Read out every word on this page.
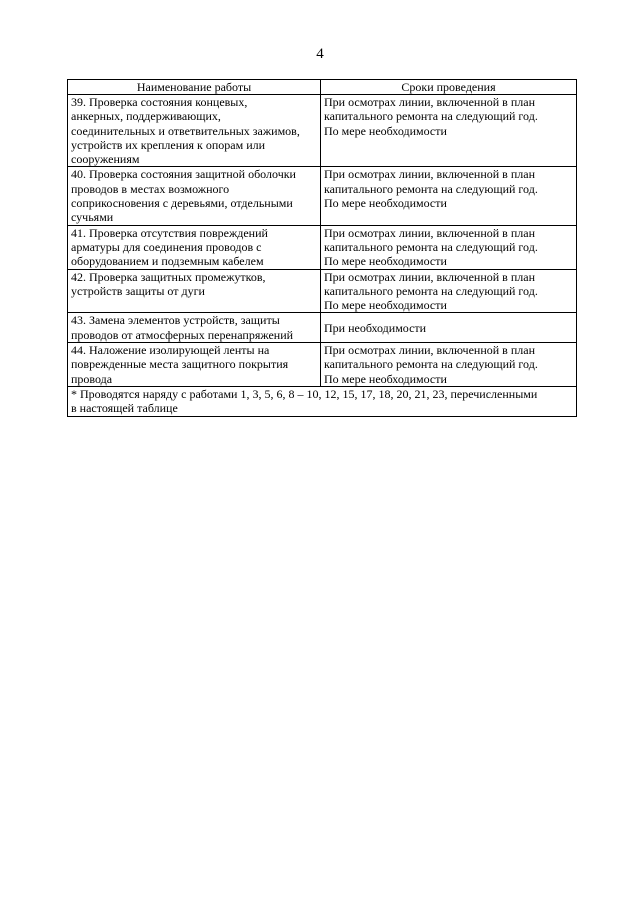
4
Наименование работы	Сроки проведения

39. Проверка состояния концевых,
анкерных, поддерживающих,
соединительных и ответвительных зажимов,
устройств их крепления к опорам или
сооружениям	При осмотрах линии, включенной в план
капитального ремонта на следующий год.
По мере необходимости

40. Проверка состояния защитной оболочки
проводов в местах возможного
соприкосновения с деревьями, отдельными
сучьями	При осмотрах линии, включенной в план
капитального ремонта на следующий год.
По мере необходимости

41. Проверка отсутствия повреждений
арматуры для соединения проводов с
оборудованием и подземным кабелем	При осмотрах линии, включенной в план
капитального ремонта на следующий год.
По мере необходимости

42. Проверка защитных промежутков,
устройств защиты от дуги	При осмотрах линии, включенной в план
капитального ремонта на следующий год.
По мере необходимости

43. Замена элементов устройств, защиты
проводов от атмосферных перенапряжений	При необходимости

44. Наложение изолирующей ленты на
поврежденные места защитного покрытия
провода	При осмотрах линии, включенной в план
капитального ремонта на следующий год.
По мере необходимости

* Проводятся наряду с работами 1, 3, 5, 6, 8 – 10, 12, 15, 17, 18, 20, 21, 23, перечисленными
в настоящей таблице	
